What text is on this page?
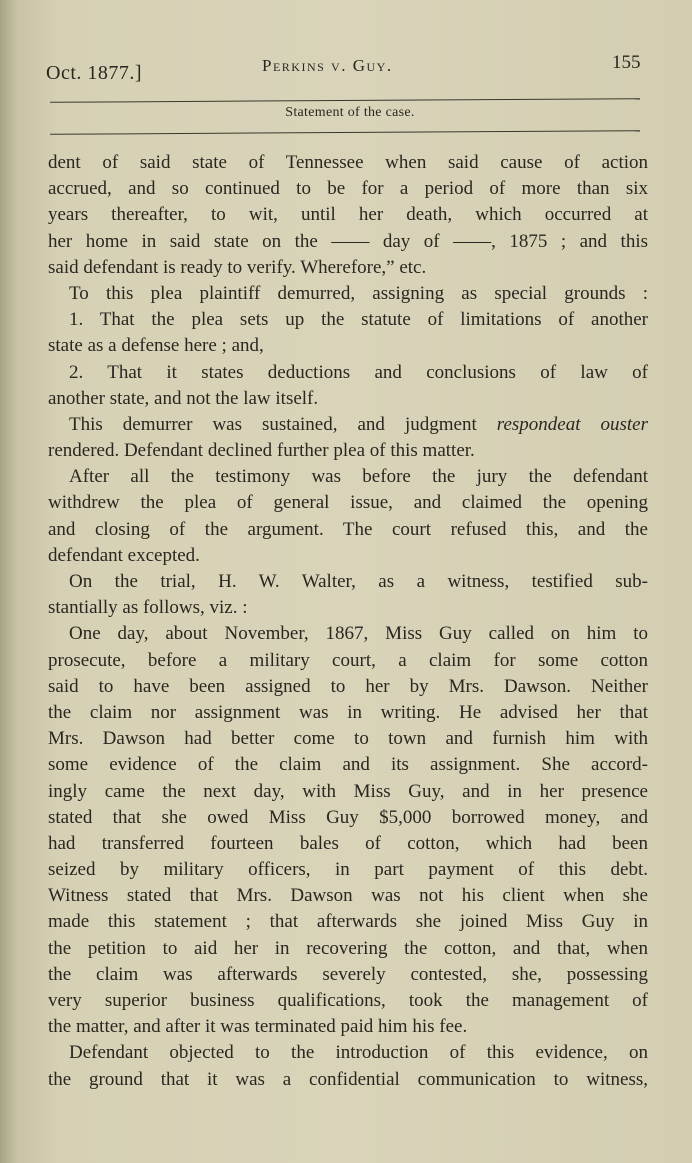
Oct. 1877.]	Perkins v. Guy.	155
Statement of the case.
dent of said state of Tennessee when said cause of action
accrued, and so continued to be for a period of more than six
years thereafter, to wit, until her death, which occurred at
her home in said state on the —— day of ——, 1875 ; and this
said defendant is ready to verify. Wherefore,” etc.
To this plea plaintiff demurred, assigning as special grounds :
1. That the plea sets up the statute of limitations of another
state as a defense here ; and,
2. That it states deductions and conclusions of law of
another state, and not the law itself.
This demurrer was sustained, and judgment respondeat ouster
rendered. Defendant declined further plea of this matter.
After all the testimony was before the jury the defendant
withdrew the plea of general issue, and claimed the opening
and closing of the argument. The court refused this, and the
defendant excepted.
On the trial, H. W. Walter, as a witness, testified sub-
stantially as follows, viz. :
One day, about November, 1867, Miss Guy called on him to
prosecute, before a military court, a claim for some cotton
said to have been assigned to her by Mrs. Dawson. Neither
the claim nor assignment was in writing. He advised her that
Mrs. Dawson had better come to town and furnish him with
some evidence of the claim and its assignment. She accord-
ingly came the next day, with Miss Guy, and in her presence
stated that she owed Miss Guy $5,000 borrowed money, and
had transferred fourteen bales of cotton, which had been
seized by military officers, in part payment of this debt.
Witness stated that Mrs. Dawson was not his client when she
made this statement ; that afterwards she joined Miss Guy in
the petition to aid her in recovering the cotton, and that, when
the claim was afterwards severely contested, she, possessing
very superior business qualifications, took the management of
the matter, and after it was terminated paid him his fee.
Defendant objected to the introduction of this evidence, on
the ground that it was a confidential communication to witness,
